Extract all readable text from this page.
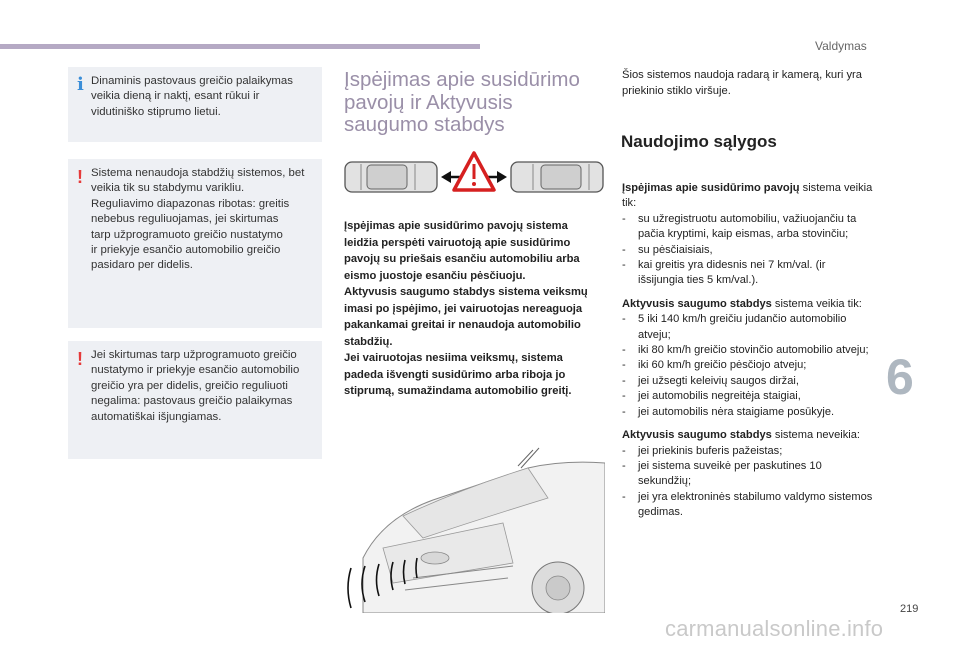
Valdymas
i Dinaminis pastovaus greičio palaikymas
veikia dieną ir naktį, esant rūkui ir
vidutiniško stiprumo lietui.

! Sistema nenaudoja stabdžių sistemos, bet
veikia tik su stabdymu varikliu.
Reguliavimo diapazonas ribotas: greitis
nebebus reguliuojamas, jei skirtumas
tarp užprogramuoto greičio nustatymo
ir priekyje esančio automobilio greičio
pasidaro per didelis.

! Jei skirtumas tarp užprogramuoto greičio
nustatymo ir priekyje esančio automobilio
greičio yra per didelis, greičio reguliuoti
negalima: pastovaus greičio palaikymas
automatiškai išjungiamas.

Įspėjimas apie susidūrimo
pavojų ir Aktyvusis
saugumo stabdys

Įspėjimas apie susidūrimo pavojų sistema leidžia perspėti vairuotoją apie susidūrimo pavojų su priešais esančiu automobiliu arba eismo juostoje esančiu pėsčiuoju.

Aktyvusis saugumo stabdys sistema veiksmų imasi po įspėjimo, jei vairuotojas nereaguoja pakankamai greitai ir nenaudoja automobilio stabdžių.

Jei vairuotojas nesiima veiksmų, sistema padeda išvengti susidūrimo arba riboja jo stiprumą, sumažindama automobilio greitį.

Šios sistemos naudoja radarą ir kamerą, kuri yra priekinio stiklo viršuje.
Naudojimo sąlygos
Įspėjimas apie susidūrimo pavojų sistema veikia tik:
- su užregistruotu automobiliu, važiuojančiu ta pačia kryptimi, kaip eismas, arba stovinčiu;
- su pėsčiaisiais,
- kai greitis yra didesnis nei 7 km/val. (ir išsijungia ties 5 km/val.).
Aktyvusis saugumo stabdys sistema veikia tik:
- 5 iki 140 km/h greičiu judančio automobilio atveju;
- iki 80 km/h greičio stovinčio automobilio atveju;
- iki 60 km/h greičio pėsčiojo atveju;
- jei užsegti keleivių saugos diržai,
- jei automobilis negreitėja staigiai,
- jei automobilis nėra staigiame posūkyje.
Aktyvusis saugumo stabdys sistema neveikia:
- jei priekinis buferis pažeistas;
- jei sistema suveikė per paskutines 10 sekundžių;
- jei yra elektroninės stabilumo valdymo sistemos gedimas.
6
219
carmanualsonline.info
